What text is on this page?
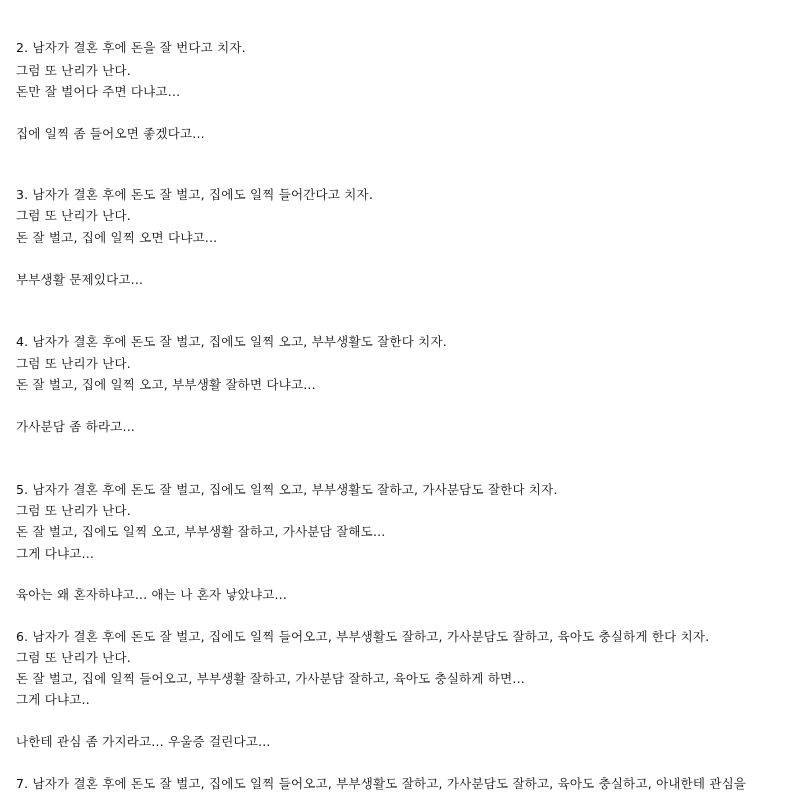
2. 남자가 결혼 후에 돈을 잘 번다고 치자.
그럼 또 난리가 난다.
돈만 잘 벌어다 주면 다냐고...
집에 일찍 좀 들어오면 좋겠다고...
3. 남자가 결혼 후에 돈도 잘 벌고, 집에도 일찍 들어간다고 치자.
그럼 또 난리가 난다.
돈 잘 벌고, 집에 일찍 오면 다냐고...
부부생활 문제있다고...
4. 남자가 결혼 후에 돈도 잘 벌고, 집에도 일찍 오고, 부부생활도 잘한다 치자.
그럼 또 난리가 난다.
돈 잘 벌고, 집에 일찍 오고, 부부생활 잘하면 다냐고...
가사분담 좀 하라고...
5. 남자가 결혼 후에 돈도 잘 벌고, 집에도 일찍 오고, 부부생활도 잘하고, 가사분담도 잘한다 치자.
그럼 또 난리가 난다.
돈 잘 벌고, 집에도 일찍 오고, 부부생활 잘하고, 가사분담 잘해도...
그게 다냐고...
육아는 왜 혼자하냐고... 애는 나 혼자 낳았냐고...
6. 남자가 결혼 후에 돈도 잘 벌고, 집에도 일찍 들어오고, 부부생활도 잘하고, 가사분담도 잘하고, 육아도 충실하게 한다 치자.
그럼 또 난리가 난다.
돈 잘 벌고, 집에 일찍 들어오고, 부부생활 잘하고, 가사분담 잘하고, 육아도 충실하게 하면...
그게 다냐고..
나한테 관심 좀 가지라고... 우울증 걸린다고...
7. 남자가 결혼 후에 돈도 잘 벌고, 집에도 일찍 들어오고, 부부생활도 잘하고, 가사분담도 잘하고, 육아도 충실하고, 아내한테 관심을
